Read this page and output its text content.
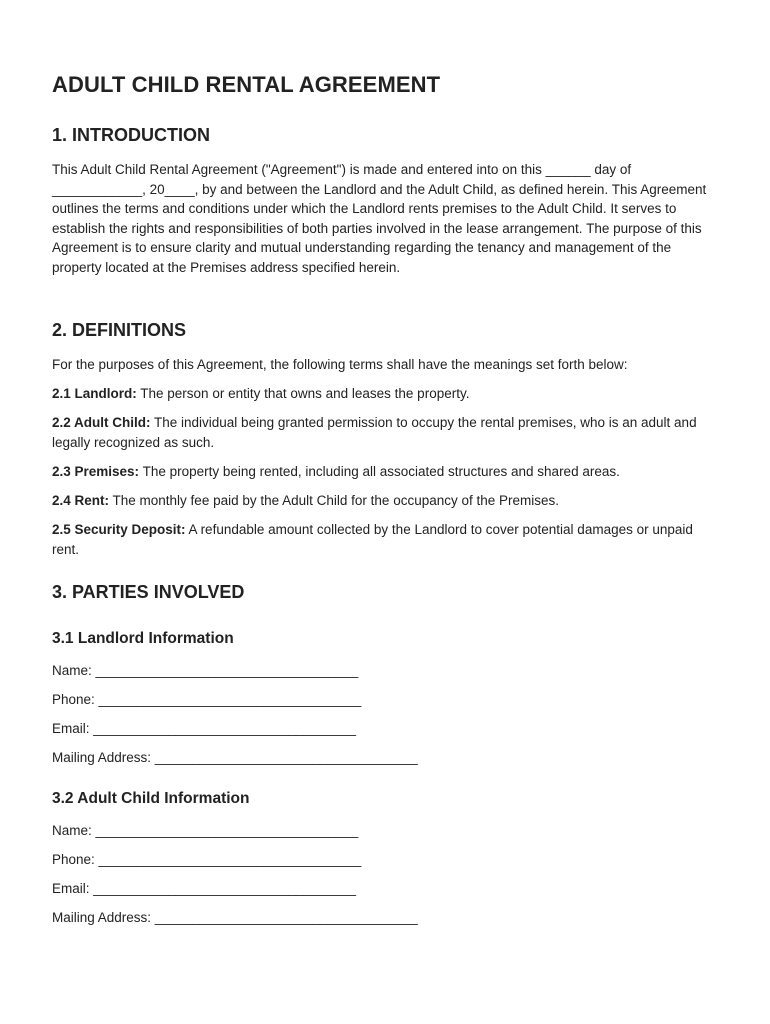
ADULT CHILD RENTAL AGREEMENT
1. INTRODUCTION

This Adult Child Rental Agreement ("Agreement") is made and entered into on this ______ day of ____________, 20____, by and between the Landlord and the Adult Child, as defined herein. This Agreement outlines the terms and conditions under which the Landlord rents premises to the Adult Child. It serves to establish the rights and responsibilities of both parties involved in the lease arrangement. The purpose of this Agreement is to ensure clarity and mutual understanding regarding the tenancy and management of the property located at the Premises address specified herein.

2. DEFINITIONS

For the purposes of this Agreement, the following terms shall have the meanings set forth below:

2.1 Landlord: The person or entity that owns and leases the property.

2.2 Adult Child: The individual being granted permission to occupy the rental premises, who is an adult and legally recognized as such.

2.3 Premises: The property being rented, including all associated structures and shared areas.

2.4 Rent: The monthly fee paid by the Adult Child for the occupancy of the Premises.

2.5 Security Deposit: A refundable amount collected by the Landlord to cover potential damages or unpaid rent.

3. PARTIES INVOLVED
3.1 Landlord Information

Name: ___________________________________

Phone: ___________________________________

Email: ___________________________________

Mailing Address: ___________________________________

3.2 Adult Child Information

Name: ___________________________________

Phone: ___________________________________

Email: ___________________________________

Mailing Address: ___________________________________
